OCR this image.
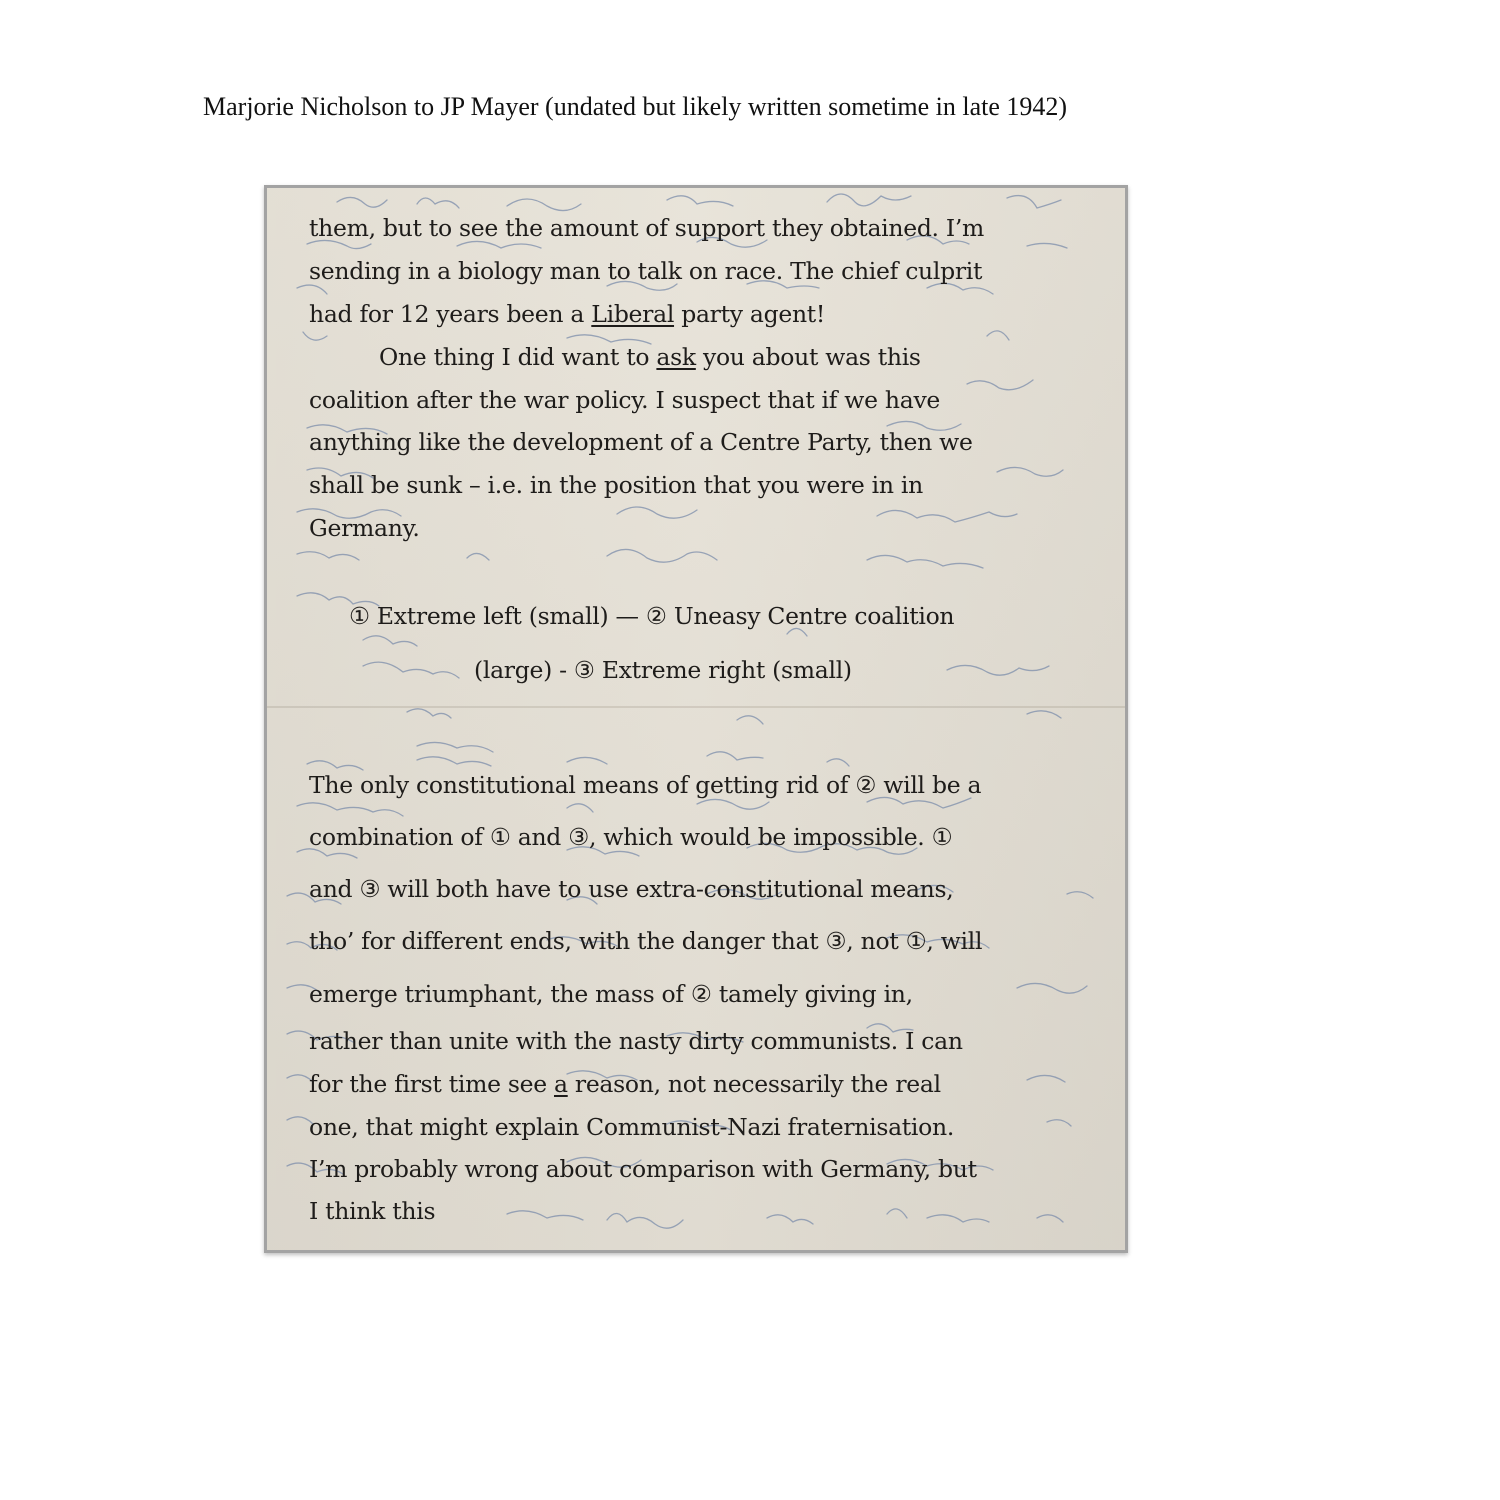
Marjorie Nicholson to JP Mayer (undated but likely written sometime in late 1942)
them, but to see the amount of support they obtained. I’m
sending in a biology man to talk on race. The chief culprit
had for 12 years been a Liberal party agent!
One thing I did want to ask you about was this
coalition after the war policy. I suspect that if we have
anything like the development of a Centre Party, then we
shall be sunk – i.e. in the position that you were in in
Germany.
① Extreme left (small) — ② Uneasy Centre coalition
(large) - ③ Extreme right (small)
The only constitutional means of getting rid of ② will be a
combination of ① and ③, which would be impossible. ①
and ③ will both have to use extra-constitutional means,
tho’ for different ends, with the danger that ③, not ①, will
emerge triumphant, the mass of ② tamely giving in,
rather than unite with the nasty dirty communists. I can
for the first time see a reason, not necessarily the real
one, that might explain Communist-Nazi fraternisation.
I’m probably wrong about comparison with Germany, but
I think this
